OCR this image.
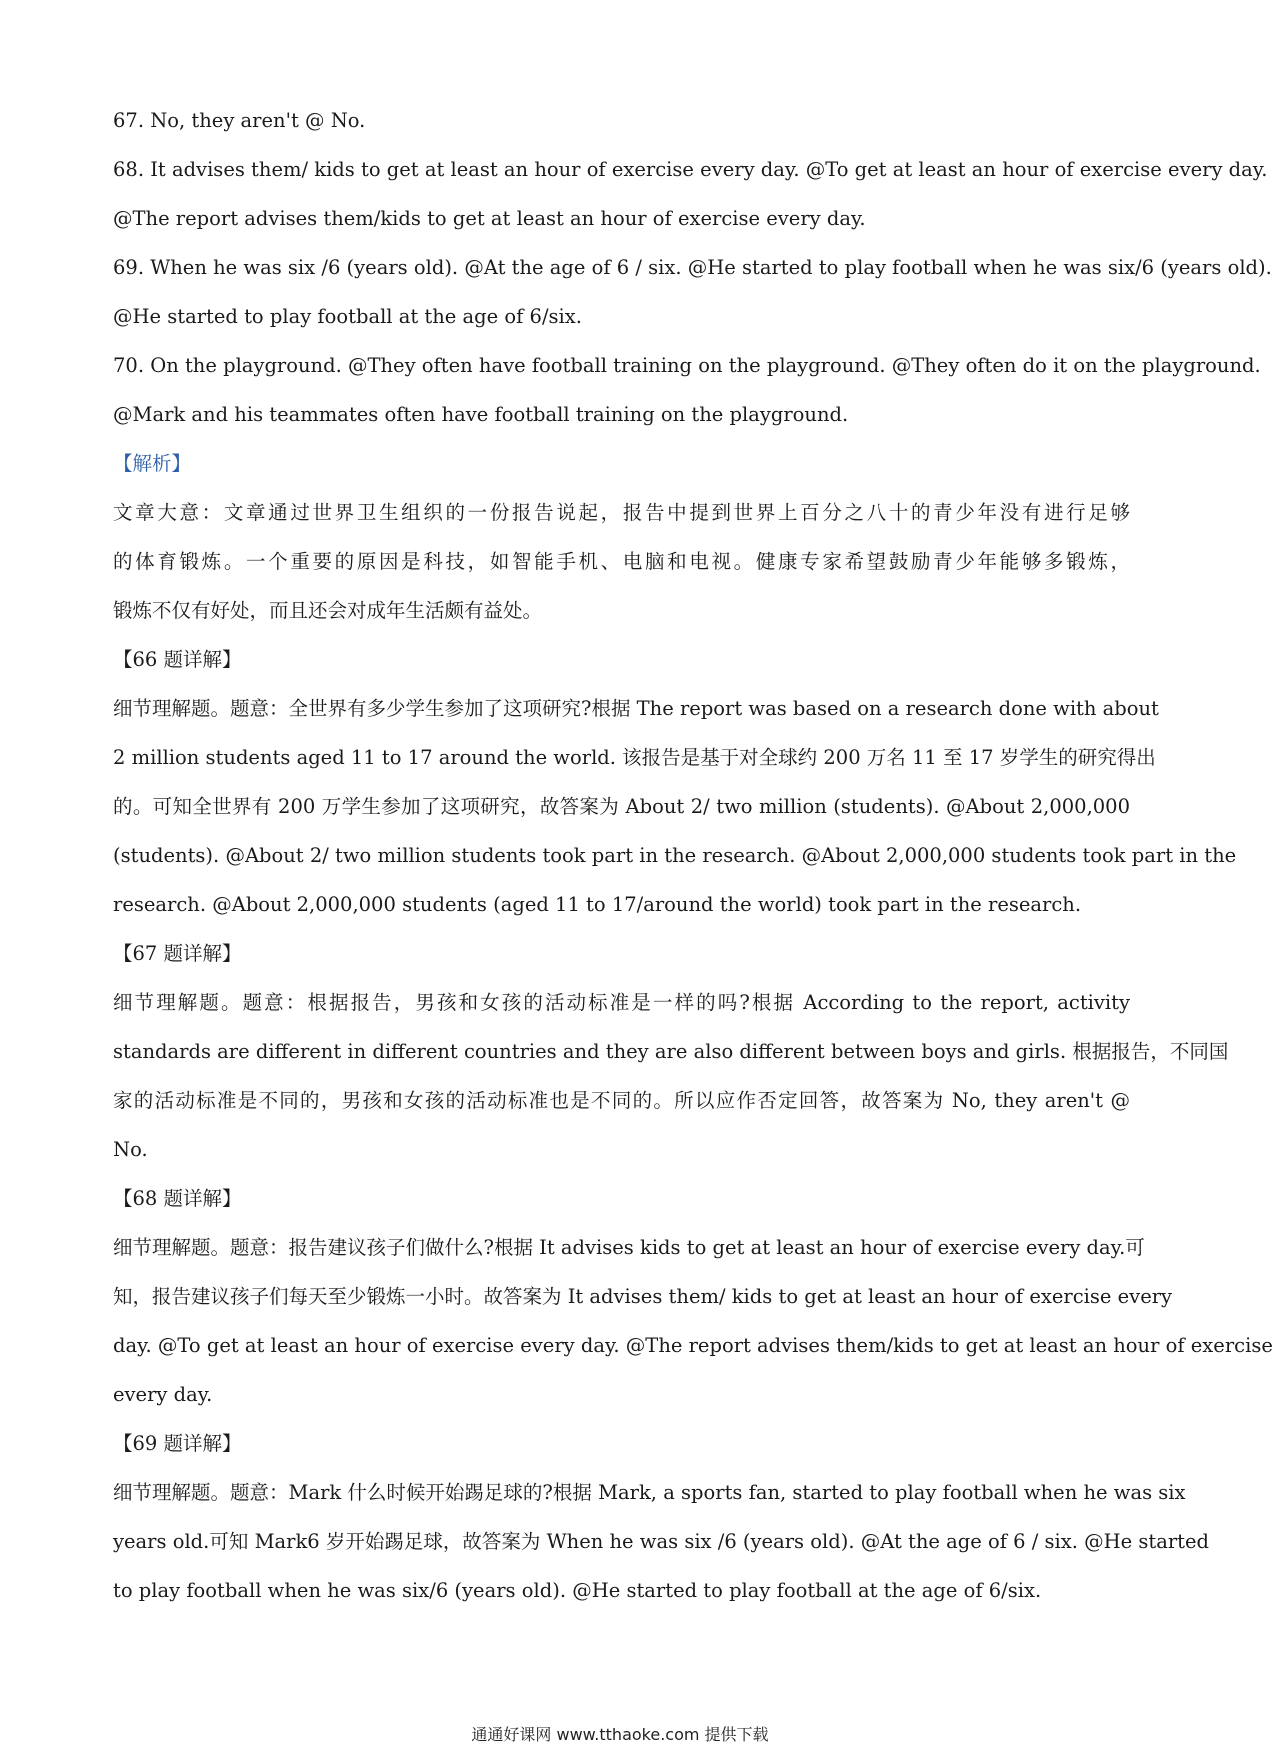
67. No, they aren't @ No.
68. It advises them/ kids to get at least an hour of exercise every day. @To get at least an hour of exercise every day.
@The report advises them/kids to get at least an hour of exercise every day.
69. When he was six /6 (years old). @At the age of 6 / six. @He started to play football when he was six/6 (years old).
@He started to play football at the age of 6/six.
70. On the playground. @They often have football training on the playground. @They often do it on the playground.
@Mark and his teammates often have football training on the playground.
【解析】
文章大意：文章通过世界卫生组织的一份报告说起，报告中提到世界上百分之八十的青少年没有进行足够
的体育锻炼。一个重要的原因是科技，如智能手机、电脑和电视。健康专家希望鼓励青少年能够多锻炼，
锻炼不仅有好处，而且还会对成年生活颇有益处。
【66 题详解】
细节理解题。题意：全世界有多少学生参加了这项研究?根据 The report was based on a research done with about
2 million students aged 11 to 17 around the world. 该报告是基于对全球约 200 万名 11 至 17 岁学生的研究得出
的。可知全世界有 200 万学生参加了这项研究，故答案为 About 2/ two million (students). @About 2,000,000
(students). @About 2/ two million students took part in the research. @About 2,000,000 students took part in the
research. @About 2,000,000 students (aged 11 to 17/around the world) took part in the research.
【67 题详解】
细节理解题。题意：根据报告，男孩和女孩的活动标准是一样的吗?根据 According to the report, activity
standards are different in different countries and they are also different between boys and girls. 根据报告，不同国
家的活动标准是不同的，男孩和女孩的活动标准也是不同的。所以应作否定回答，故答案为 No, they aren't @
No.
【68 题详解】
细节理解题。题意：报告建议孩子们做什么?根据 It advises kids to get at least an hour of exercise every day.可
知，报告建议孩子们每天至少锻炼一小时。故答案为 It advises them/ kids to get at least an hour of exercise every
day. @To get at least an hour of exercise every day. @The report advises them/kids to get at least an hour of exercise
every day.
【69 题详解】
细节理解题。题意：Mark 什么时候开始踢足球的?根据 Mark, a sports fan, started to play football when he was six
years old.可知 Mark6 岁开始踢足球，故答案为 When he was six /6 (years old). @At the age of 6 / six. @He started
to play football when he was six/6 (years old). @He started to play football at the age of 6/six.
通通好课网 www.tthaoke.com 提供下载
